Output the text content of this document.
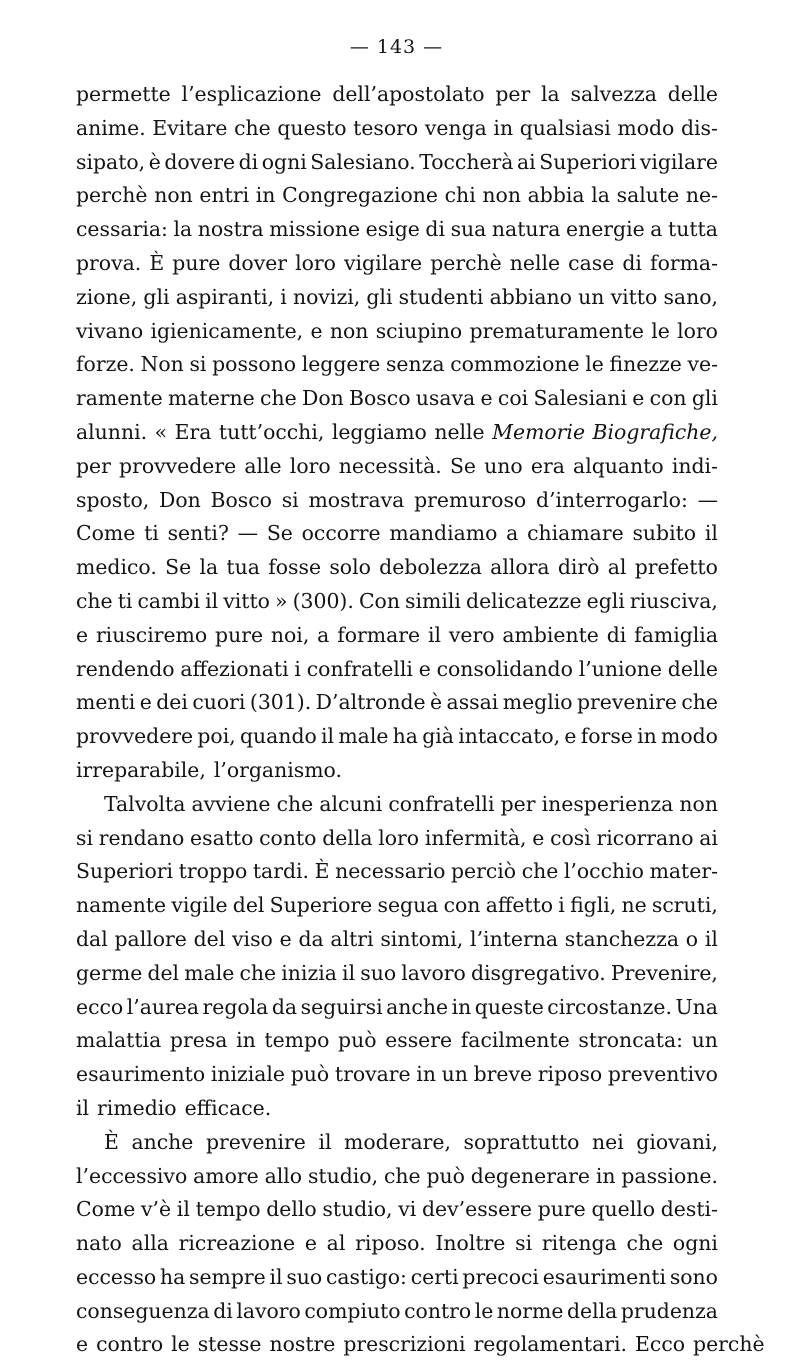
— 143 —
permette l’esplicazione dell’apostolato per la salvezza delle
anime. Evitare che questo tesoro venga in qualsiasi modo dis-
sipato, è dovere di ogni Salesiano. Toccherà ai Superiori vigilare
perchè non entri in Congregazione chi non abbia la salute ne-
cessaria: la nostra missione esige di sua natura energie a tutta
prova. È pure dover loro vigilare perchè nelle case di forma-
zione, gli aspiranti, i novizi, gli studenti abbiano un vitto sano,
vivano igienicamente, e non sciupino prematuramente le loro
forze. Non si possono leggere senza commozione le finezze ve-
ramente materne che Don Bosco usava e coi Salesiani e con gli
alunni. « Era tutt’occhi, leggiamo nelle Memorie Biografiche,
per provvedere alle loro necessità. Se uno era alquanto indi-
sposto, Don Bosco si mostrava premuroso d’interrogarlo: —
Come ti senti? — Se occorre mandiamo a chiamare subito il
medico. Se la tua fosse solo debolezza allora dirò al prefetto
che ti cambi il vitto » (300). Con simili delicatezze egli riusciva,
e riusciremo pure noi, a formare il vero ambiente di famiglia
rendendo affezionati i confratelli e consolidando l’unione delle
menti e dei cuori (301). D’altronde è assai meglio prevenire che
provvedere poi, quando il male ha già intaccato, e forse in modo
irreparabile, l’organismo.
Talvolta avviene che alcuni confratelli per inesperienza non
si rendano esatto conto della loro infermità, e così ricorrano ai
Superiori troppo tardi. È necessario perciò che l’occhio mater-
namente vigile del Superiore segua con affetto i figli, ne scruti,
dal pallore del viso e da altri sintomi, l’interna stanchezza o il
germe del male che inizia il suo lavoro disgregativo. Prevenire,
ecco l’aurea regola da seguirsi anche in queste circostanze. Una
malattia presa in tempo può essere facilmente stroncata: un
esaurimento iniziale può trovare in un breve riposo preventivo
il rimedio efficace.
È anche prevenire il moderare, soprattutto nei giovani,
l’eccessivo amore allo studio, che può degenerare in passione.
Come v’è il tempo dello studio, vi dev’essere pure quello desti-
nato alla ricreazione e al riposo. Inoltre si ritenga che ogni
eccesso ha sempre il suo castigo: certi precoci esaurimenti sono
conseguenza di lavoro compiuto contro le norme della prudenza
e contro le stesse nostre prescrizioni regolamentari. Ecco perchè
